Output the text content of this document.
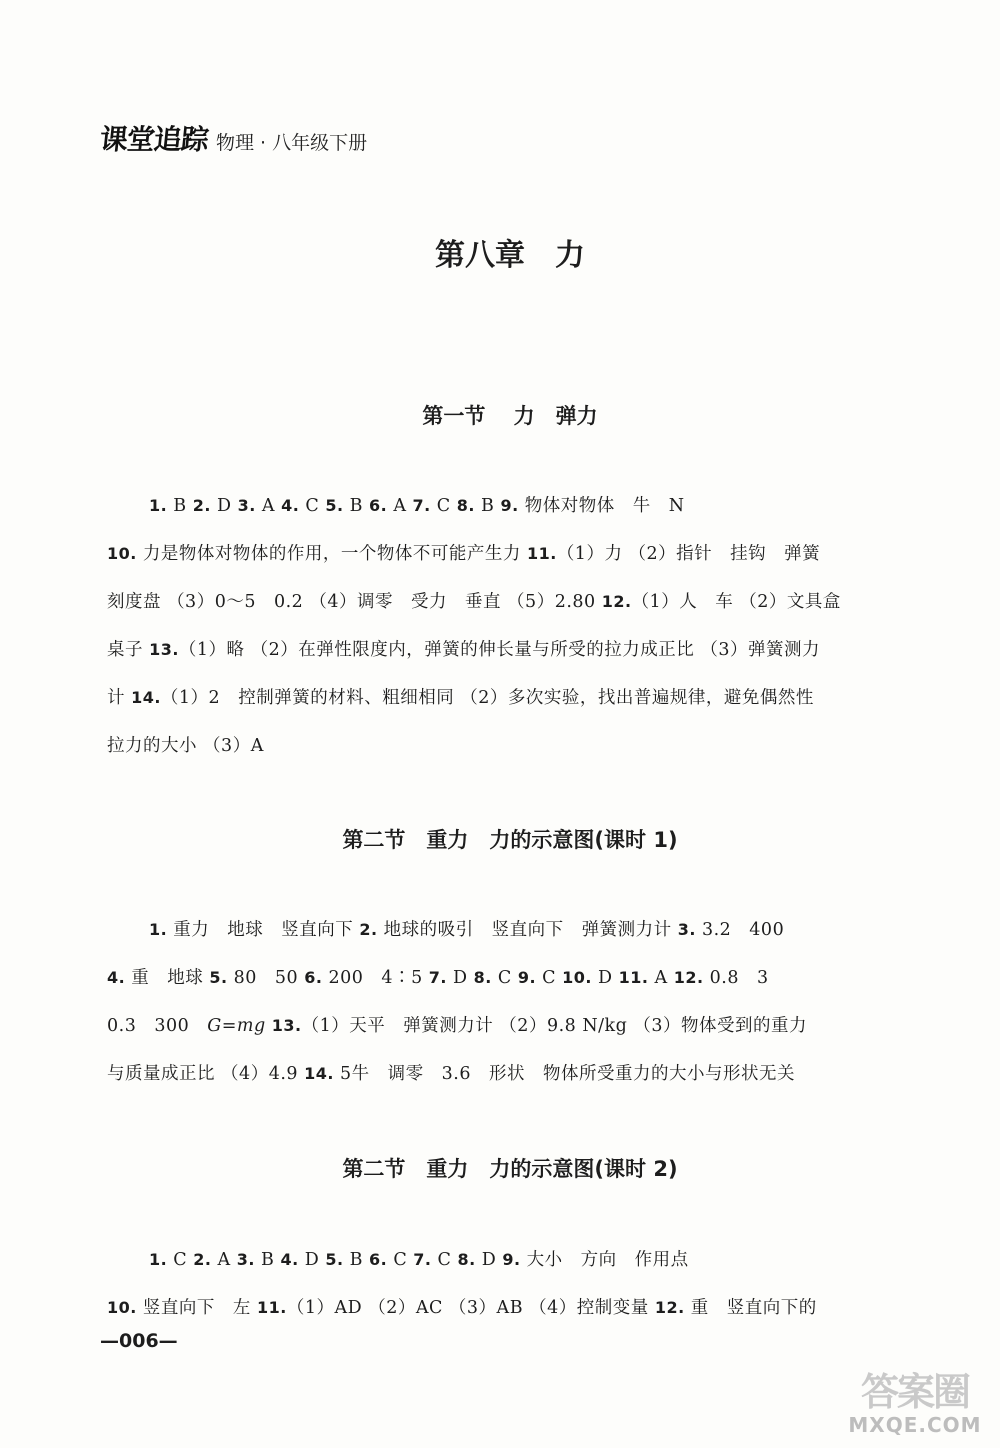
课堂追踪 物理 · 八年级下册
第八章　力
第一节　 力　弹力
1. B 2. D 3. A 4. C 5. B 6. A 7. C 8. B 9. 物体对物体　牛　N
10. 力是物体对物体的作用，一个物体不可能产生力 11.（1）力 （2）指针　挂钩　弹簧
刻度盘 （3）0～5　0.2 （4）调零　受力　垂直 （5）2.80 12.（1）人　车 （2）文具盒
桌子 13.（1）略 （2）在弹性限度内，弹簧的伸长量与所受的拉力成正比 （3）弹簧测力
计 14.（1）2　控制弹簧的材料、粗细相同 （2）多次实验，找出普遍规律，避免偶然性
拉力的大小 （3）A
第二节　重力　力的示意图(课时 1)
1. 重力　地球　竖直向下 2. 地球的吸引　竖直向下　弹簧测力计 3. 3.2　400
4. 重　地球 5. 80　50 6. 200　4∶5 7. D 8. C 9. C 10. D 11. A 12. 0.8　3
0.3　300　G=mg 13.（1）天平　弹簧测力计 （2）9.8 N/kg （3）物体受到的重力
与质量成正比 （4）4.9 14. 5牛　调零　3.6　形状　物体所受重力的大小与形状无关
第二节　重力　力的示意图(课时 2)
1. C 2. A 3. B 4. D 5. B 6. C 7. C 8. D 9. 大小　方向　作用点
10. 竖直向下　左 11.（1）AD （2）AC （3）AB （4）控制变量 12. 重　竖直向下的
—006—
答案圈
MXQE.COM
